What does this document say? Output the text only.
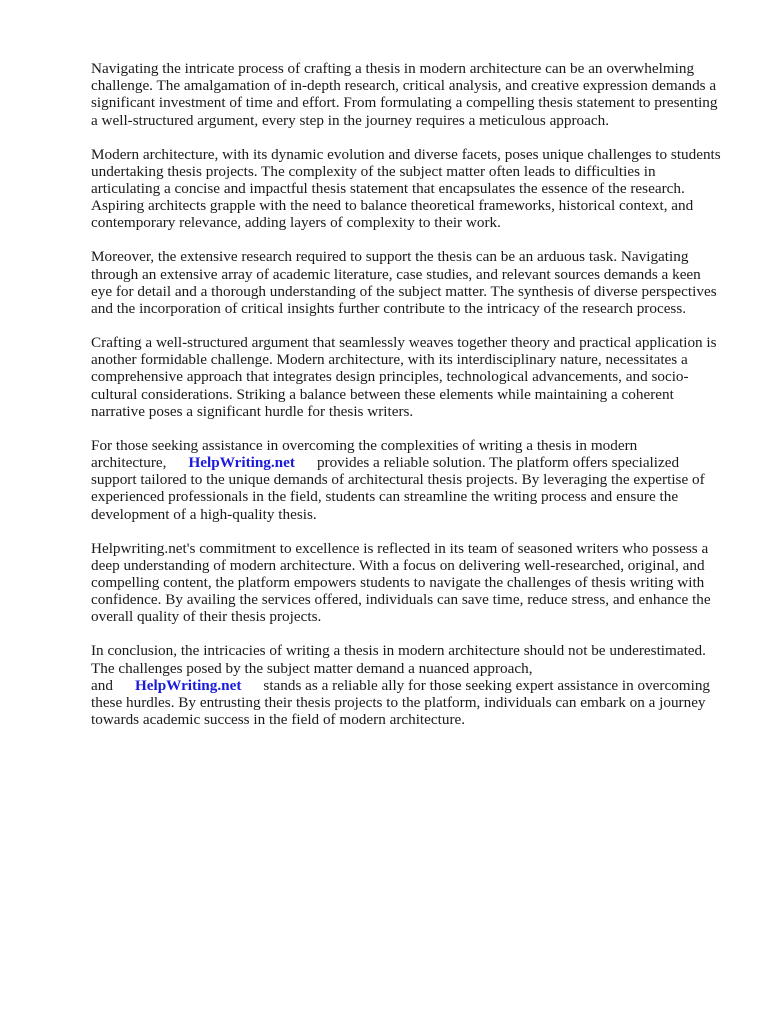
Navigating the intricate process of crafting a thesis in modern architecture can be an overwhelming challenge. The amalgamation of in-depth research, critical analysis, and creative expression demands a significant investment of time and effort. From formulating a compelling thesis statement to presenting a well-structured argument, every step in the journey requires a meticulous approach.

Modern architecture, with its dynamic evolution and diverse facets, poses unique challenges to students undertaking thesis projects. The complexity of the subject matter often leads to difficulties in articulating a concise and impactful thesis statement that encapsulates the essence of the research. Aspiring architects grapple with the need to balance theoretical frameworks, historical context, and contemporary relevance, adding layers of complexity to their work.

Moreover, the extensive research required to support the thesis can be an arduous task. Navigating through an extensive array of academic literature, case studies, and relevant sources demands a keen eye for detail and a thorough understanding of the subject matter. The synthesis of diverse perspectives and the incorporation of critical insights further contribute to the intricacy of the research process.

Crafting a well-structured argument that seamlessly weaves together theory and practical application is another formidable challenge. Modern architecture, with its interdisciplinary nature, necessitates a comprehensive approach that integrates design principles, technological advancements, and socio-cultural considerations. Striking a balance between these elements while maintaining a coherent narrative poses a significant hurdle for thesis writers.

For those seeking assistance in overcoming the complexities of writing a thesis in modern architecture, HelpWriting.net provides a reliable solution. The platform offers specialized support tailored to the unique demands of architectural thesis projects. By leveraging the expertise of experienced professionals in the field, students can streamline the writing process and ensure the development of a high-quality thesis.

Helpwriting.net's commitment to excellence is reflected in its team of seasoned writers who possess a deep understanding of modern architecture. With a focus on delivering well-researched, original, and compelling content, the platform empowers students to navigate the challenges of thesis writing with confidence. By availing the services offered, individuals can save time, reduce stress, and enhance the overall quality of their thesis projects.

In conclusion, the intricacies of writing a thesis in modern architecture should not be underestimated. The challenges posed by the subject matter demand a nuanced approach, and HelpWriting.net stands as a reliable ally for those seeking expert assistance in overcoming these hurdles. By entrusting their thesis projects to the platform, individuals can embark on a journey towards academic success in the field of modern architecture.
